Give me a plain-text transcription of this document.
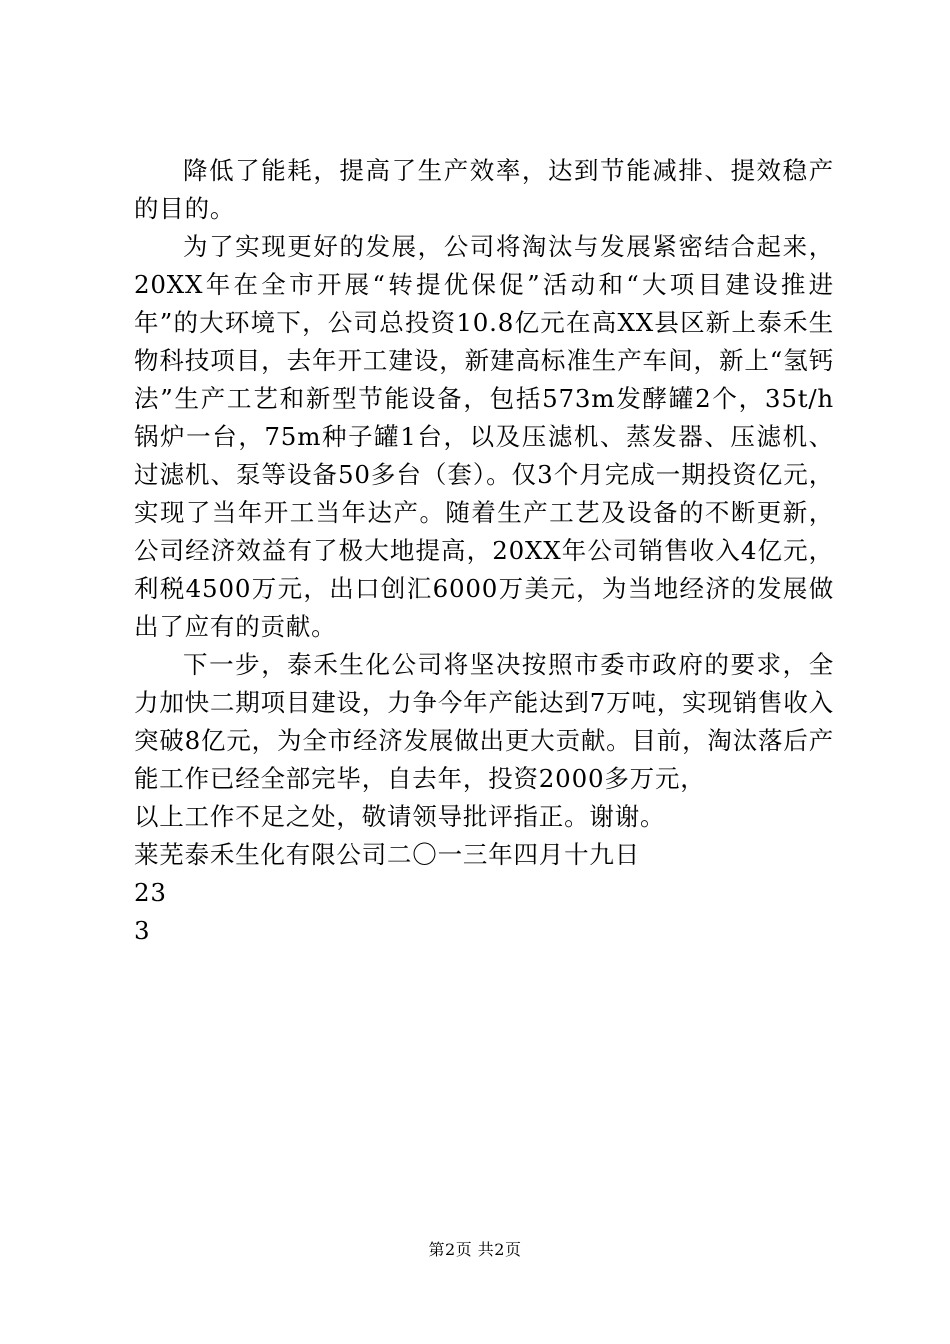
降低了能耗，提高了生产效率，达到节能减排、提效稳产的目的。

为了实现更好的发展，公司将淘汰与发展紧密结合起来，20XX年在全市开展“转提优保促”活动和“大项目建设推进年”的大环境下，公司总投资10.8亿元在高XX县区新上泰禾生物科技项目，去年开工建设，新建高标准生产车间，新上“氢钙法”生产工艺和新型节能设备，包括573m发酵罐2个，35t/h锅炉一台，75m种子罐1台，以及压滤机、蒸发器、压滤机、过滤机、泵等设备50多台（套）。仅3个月完成一期投资亿元，实现了当年开工当年达产。随着生产工艺及设备的不断更新，公司经济效益有了极大地提高，20XX年公司销售收入4亿元，利税4500万元，出口创汇6000万美元，为当地经济的发展做出了应有的贡献。

下一步，泰禾生化公司将坚决按照市委市政府的要求，全力加快二期项目建设，力争今年产能达到7万吨，实现销售收入突破8亿元，为全市经济发展做出更大贡献。目前，淘汰落后产能工作已经全部完毕，自去年，投资2000多万元，

以上工作不足之处，敬请领导批评指正。谢谢。

莱芜泰禾生化有限公司二〇一三年四月十九日

23

3

第2页 共2页
